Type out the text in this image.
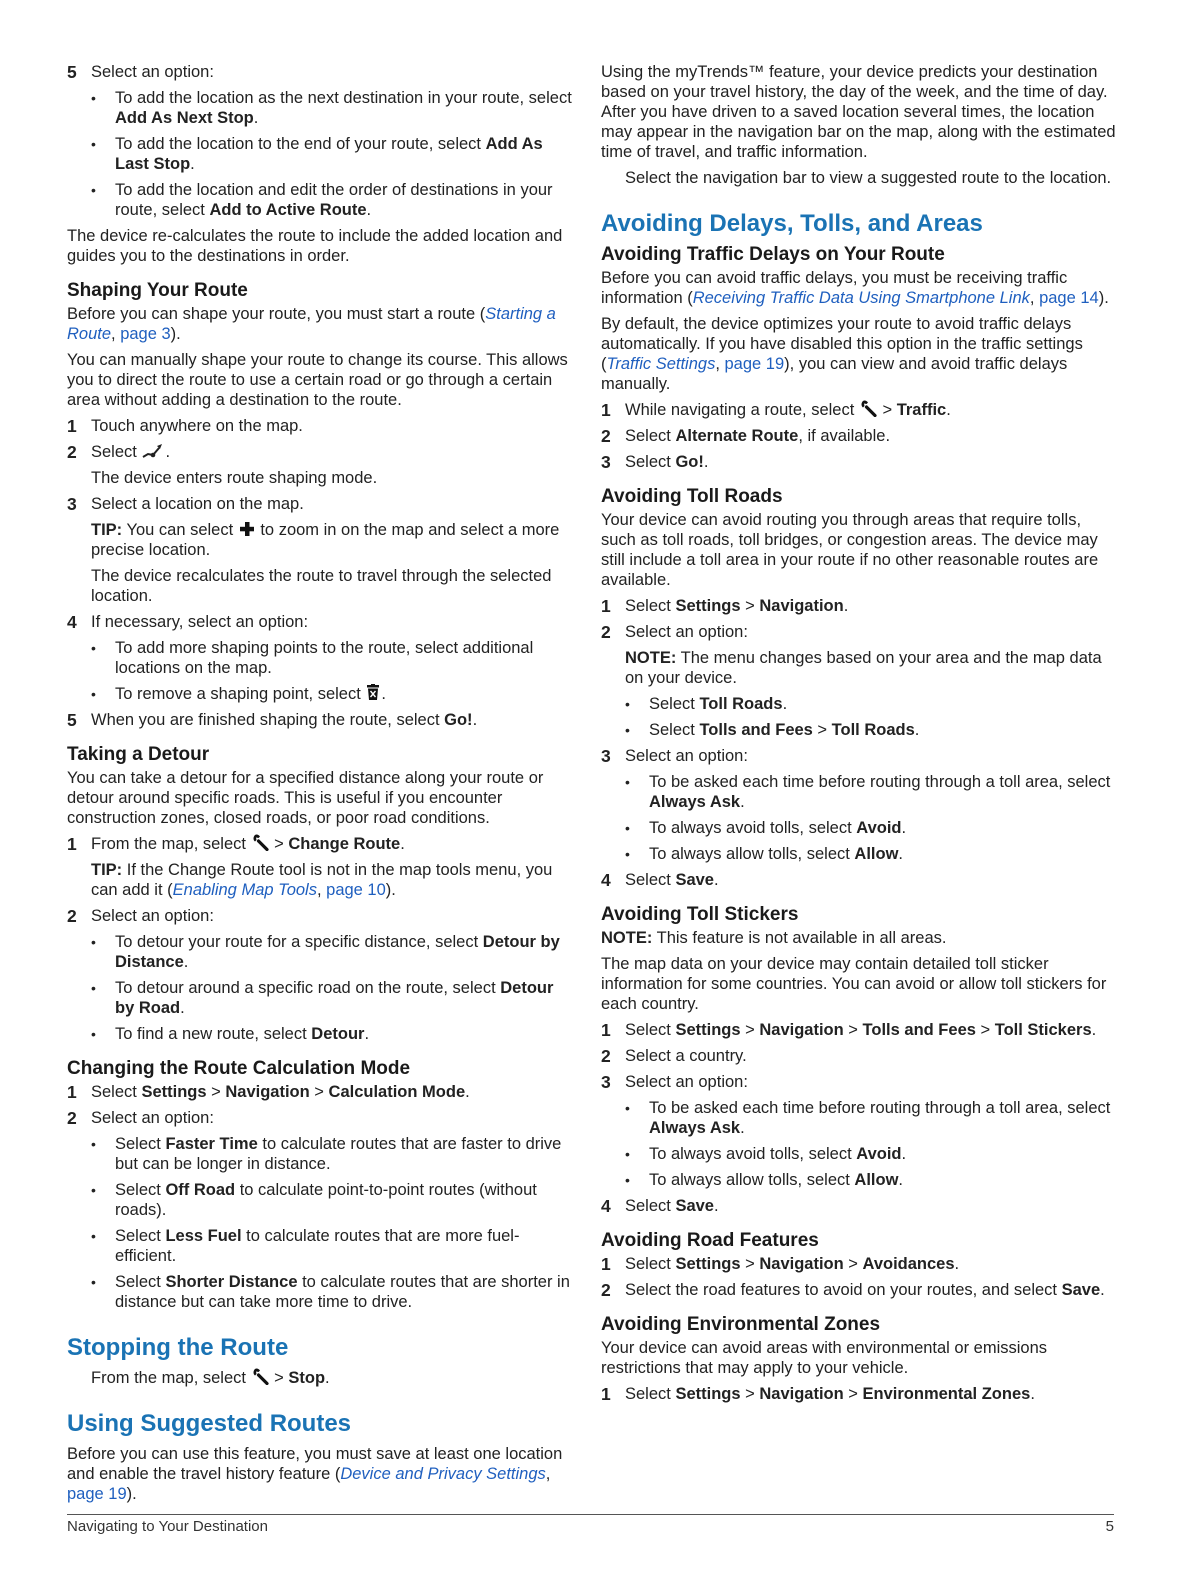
5 Select an option:
• To add the location as the next destination in your route, select Add As Next Stop.
• To add the location to the end of your route, select Add As Last Stop.
• To add the location and edit the order of destinations in your route, select Add to Active Route.

The device re-calculates the route to include the added location and guides you to the destinations in order.

Shaping Your Route

Before you can shape your route, you must start a route (Starting a Route, page 3).

You can manually shape your route to change its course. This allows you to direct the route to use a certain road or go through a certain area without adding a destination to the route.

1 Touch anywhere on the map.
2 Select .

The device enters route shaping mode.

3 Select a location on the map.

TIP: You can select  to zoom in on the map and select a more precise location.

The device recalculates the route to travel through the selected location.

4 If necessary, select an option:
• To add more shaping points to the route, select additional locations on the map.
• To remove a shaping point, select .
5 When you are finished shaping the route, select Go!.
Taking a Detour

You can take a detour for a specified distance along your route or detour around specific roads. This is useful if you encounter construction zones, closed roads, or poor road conditions.

1 From the map, select  > Change Route.

TIP: If the Change Route tool is not in the map tools menu, you can add it (Enabling Map Tools, page 10).

2 Select an option:
• To detour your route for a specific distance, select Detour by Distance.
• To detour around a specific road on the route, select Detour by Road.
• To find a new route, select Detour.
Changing the Route Calculation Mode
1 Select Settings > Navigation > Calculation Mode.
2 Select an option:
• Select Faster Time to calculate routes that are faster to drive but can be longer in distance.
• Select Off Road to calculate point-to-point routes (without roads).
• Select Less Fuel to calculate routes that are more fuel-efficient.
• Select Shorter Distance to calculate routes that are shorter in distance but can take more time to drive.
Stopping the Route

From the map, select  > Stop.

Using Suggested Routes

Before you can use this feature, you must save at least one location and enable the travel history feature (Device and Privacy Settings, page 19).

Using the myTrends™ feature, your device predicts your destination based on your travel history, the day of the week, and the time of day. After you have driven to a saved location several times, the location may appear in the navigation bar on the map, along with the estimated time of travel, and traffic information.

Select the navigation bar to view a suggested route to the location.

Avoiding Delays, Tolls, and Areas
Avoiding Traffic Delays on Your Route

Before you can avoid traffic delays, you must be receiving traffic information (Receiving Traffic Data Using Smartphone Link, page 14).

By default, the device optimizes your route to avoid traffic delays automatically. If you have disabled this option in the traffic settings (Traffic Settings, page 19), you can view and avoid traffic delays manually.

1 While navigating a route, select  > Traffic.
2 Select Alternate Route, if available.
3 Select Go!.
Avoiding Toll Roads

Your device can avoid routing you through areas that require tolls, such as toll roads, toll bridges, or congestion areas. The device may still include a toll area in your route if no other reasonable routes are available.

1 Select Settings > Navigation.
2 Select an option:

NOTE: The menu changes based on your area and the map data on your device.

• Select Toll Roads.
• Select Tolls and Fees > Toll Roads.
3 Select an option:
• To be asked each time before routing through a toll area, select Always Ask.
• To always avoid tolls, select Avoid.
• To always allow tolls, select Allow.
4 Select Save.
Avoiding Toll Stickers

NOTE: This feature is not available in all areas.

The map data on your device may contain detailed toll sticker information for some countries. You can avoid or allow toll stickers for each country.

1 Select Settings > Navigation > Tolls and Fees > Toll Stickers.
2 Select a country.
3 Select an option:
• To be asked each time before routing through a toll area, select Always Ask.
• To always avoid tolls, select Avoid.
• To always allow tolls, select Allow.
4 Select Save.
Avoiding Road Features
1 Select Settings > Navigation > Avoidances.
2 Select the road features to avoid on your routes, and select Save.
Avoiding Environmental Zones

Your device can avoid areas with environmental or emissions restrictions that may apply to your vehicle.

1 Select Settings > Navigation > Environmental Zones.
Navigating to Your Destination	5
